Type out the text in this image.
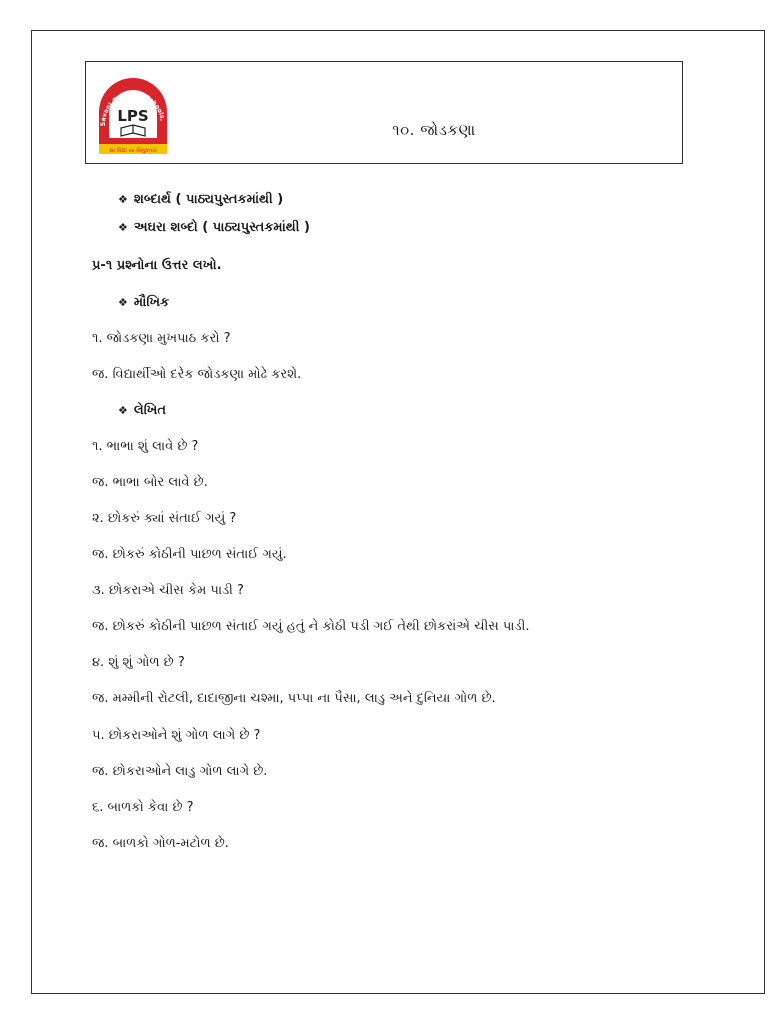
Savani Group of Schools,
LPS
સા વિદ્યા યા વિમુક્તયે
૧૦. જોડકણા
❖ શબ્દાર્થ ( પાઠ્યપુસ્તકમાંથી )
❖ અઘરા શબ્દો ( પાઠ્યપુસ્તકમાંથી )
પ્ર-૧ પ્રશ્નોના ઉત્તર લખો.
❖ મૌખિક
૧. જોડકણા મુખપાઠ કરો ?
જ. વિદ્યાર્થીઓ દરેક જોડકણા મોઢે કરશે.
❖ લેખિત
૧. ભાભા શું લાવે છે ?
જ. ભાભા બોર લાવે છે.
૨. છોકરું ક્યાં સંતાઈ ગયું ?
જ. છોકરું કોઠીની પાછળ સંતાઈ ગયું.
૩. છોકરાએ ચીસ કેમ પાડી ?
જ. છોકરું કોઠીની પાછળ સંતાઈ ગયું હતું ને કોઠી પડી ગઈ તેથી છોકરાંએ ચીસ પાડી.
૪. શું શું ગોળ છે ?
જ. મમ્મીની રોટલી, દાદાજીના ચશ્મા, પપ્પા ના પૈસા, લાડુ અને દુનિયા ગોળ છે.
૫. છોકરાઓને શું ગોળ લાગે છે ?
જ. છોકરાઓને લાડુ ગોળ લાગે છે.
૬. બાળકો કેવા છે ?
જ. બાળકો ગોળ-મટોળ છે.
